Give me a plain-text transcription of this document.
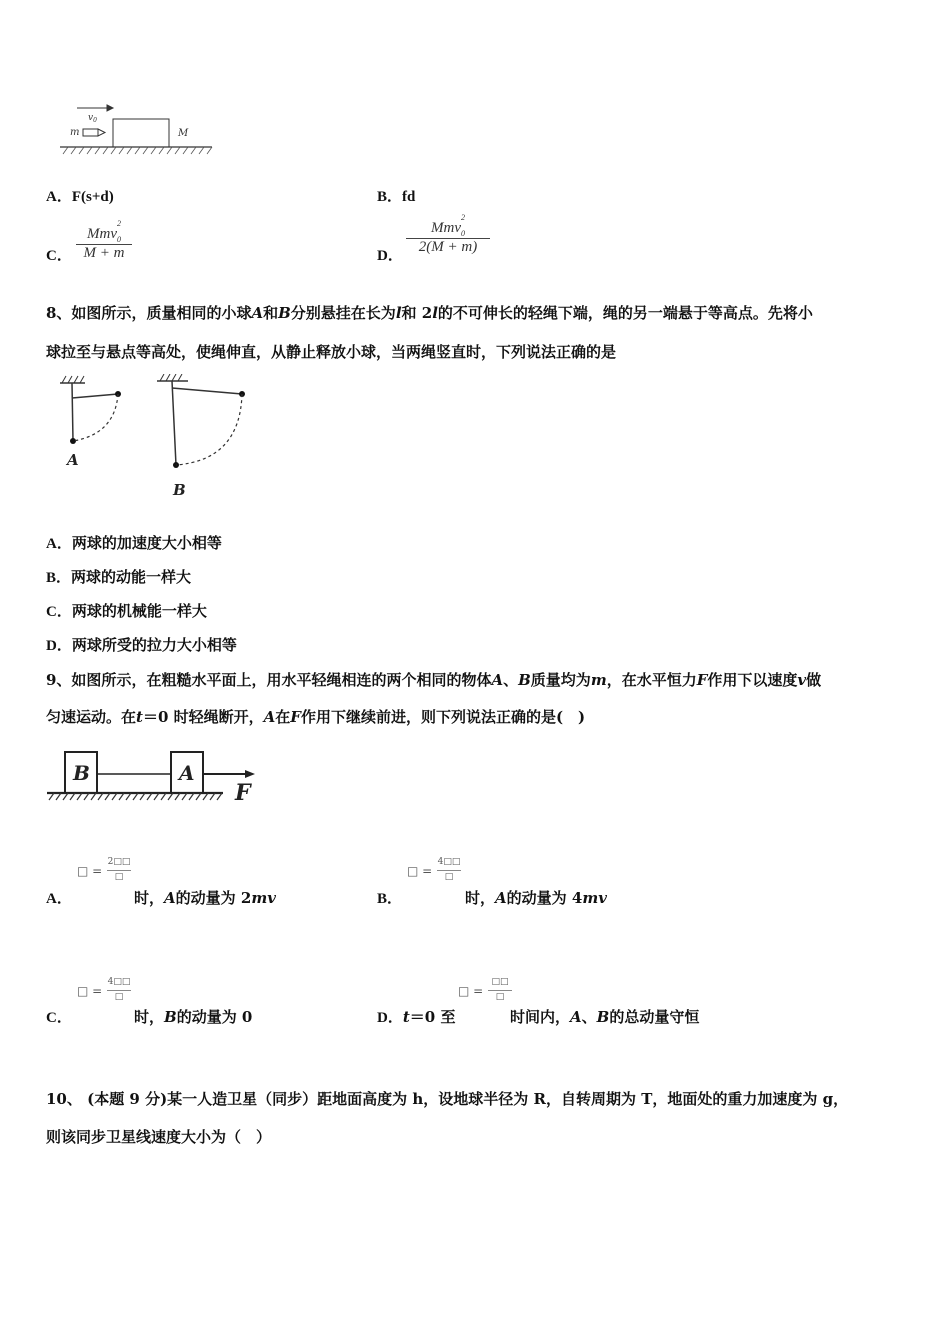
$v_0$
m	M
A．F(s+d)	B．fd
C．
Mmv
2
$_0$
M + m	D．
Mmv
2
$_0$
2(M + m)
8、如图所示，质量相同的小球A和B分别悬挂在长为l和 2l的不可伸长的轻绳下端，绳的另一端悬于等高点。先将小
球拉至与悬点等高处，使绳伸直，从静止释放小球，当两绳竖直时，下列说法正确的是
A
B
A．两球的加速度大小相等
B．两球的动能一样大
C．两球的机械能一样大
D．两球所受的拉力大小相等
9、如图所示，在粗糙水平面上，用水平轻绳相连的两个相同的物体A、B质量均为m，在水平恒力F作用下以速度v做
匀速运动。在t＝0 时轻绳断开，A在F作用下继续前进，则下列说法正确的是(　)
B	A
F
□ =
2□□
□
A．	时，A的动量为 2mv
□ =
4□□
□
B．	时，A的动量为 4mv
□ =
4□□
□
C．	时，B的动量为 0
□ =
□□
□
D．t＝0 至	时间内，A、B的总动量守恒
10、 (本题 9 分)某一人造卫星（同步）距地面高度为 h，设地球半径为 R，自转周期为 T，地面处的重力加速度为 g，
则该同步卫星线速度大小为（　）
